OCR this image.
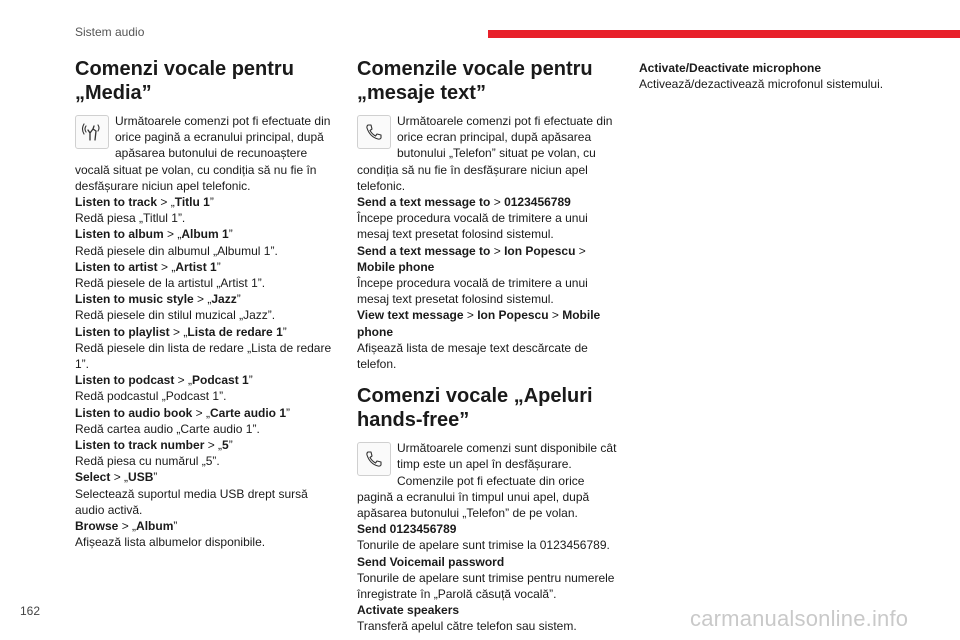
Sistem audio
Comenzi vocale pentru „Media”

Următoarele comenzi pot fi efectuate din orice pagină a ecranului principal, după apăsarea butonului de recunoaștere vocală situat pe volan, cu condiția să nu fie în desfășurare niciun apel telefonic.

Listen to track > „Titlu 1”

Redă piesa „Titlul 1”.

Listen to album > „Album 1”

Redă piesele din albumul „Albumul 1”.

Listen to artist > „Artist 1”

Redă piesele de la artistul „Artist 1”.

Listen to music style > „Jazz”

Redă piesele din stilul muzical „Jazz”.

Listen to playlist > „Lista de redare 1”

Redă piesele din lista de redare „Lista de redare 1”.

Listen to podcast > „Podcast 1”

Redă podcastul „Podcast 1”.

Listen to audio book > „Carte audio 1”

Redă cartea audio „Carte audio 1”.

Listen to track number > „5”

Redă piesa cu numărul „5”.

Select > „USB”

Selectează suportul media USB drept sursă audio activă.

Browse > „Album”

Afișează lista albumelor disponibile.

Comenzile vocale pentru „mesaje text”

Următoarele comenzi pot fi efectuate din orice ecran principal, după apăsarea butonului „Telefon” situat pe volan, cu condiția să nu fie în desfășurare niciun apel telefonic.

Send a text message to > 0123456789

Începe procedura vocală de trimitere a unui mesaj text presetat folosind sistemul.

Send a text message to > Ion Popescu > Mobile phone

Începe procedura vocală de trimitere a unui mesaj text presetat folosind sistemul.

View text message > Ion Popescu > Mobile phone

Afișează lista de mesaje text descărcate de telefon.

Comenzi vocale „Apeluri hands-free”

Următoarele comenzi sunt disponibile cât timp este un apel în desfășurare. Comenzile pot fi efectuate din orice pagină a ecranului în timpul unui apel, după apăsarea butonului „Telefon” de pe volan.

Send 0123456789

Tonurile de apelare sunt trimise la 0123456789.

Send Voicemail password

Tonurile de apelare sunt trimise pentru numerele înregistrate în „Parolă căsuță vocală”.

Activate speakers

Transferă apelul către telefon sau sistem.

Activate/Deactivate microphone

Activează/dezactivează microfonul sistemului.

162	carmanualsonline.info
